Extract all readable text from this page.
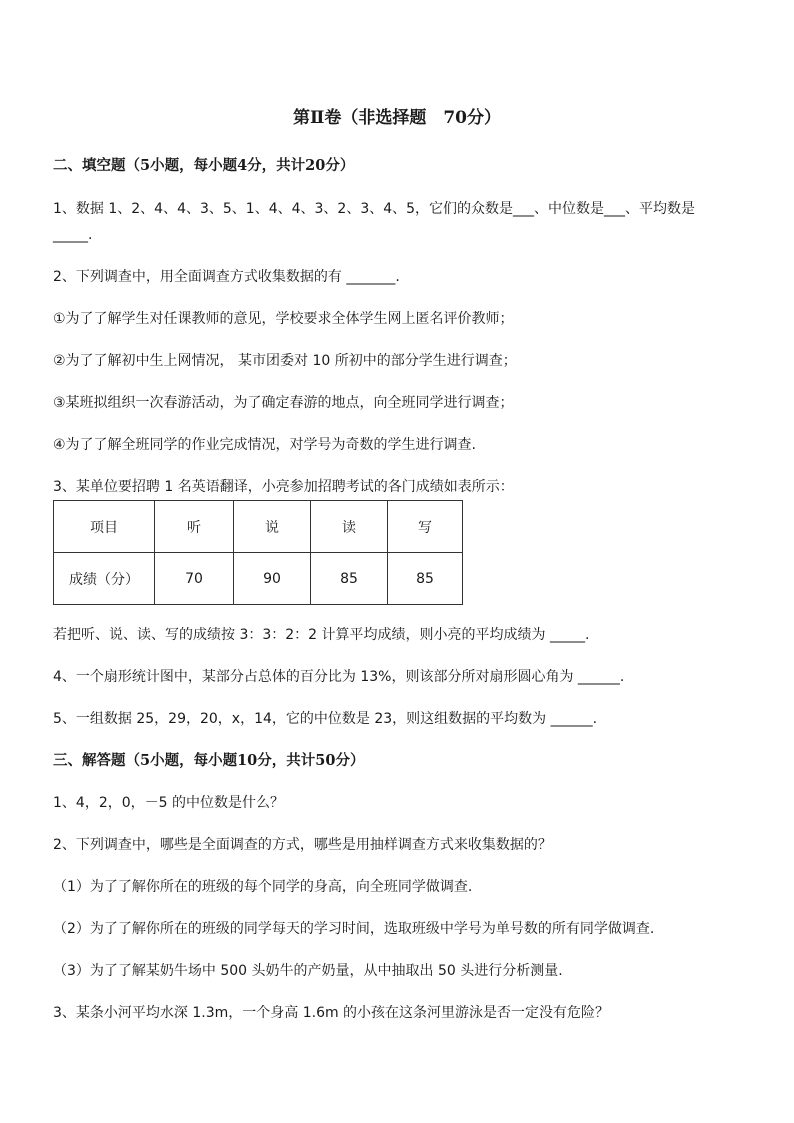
第Ⅱ卷（非选择题　70分）
二、填空题（5小题，每小题4分，共计20分）
1、数据 1、2、4、4、3、5、1、4、4、3、2、3、4、5，它们的众数是___、中位数是___、平均数是
_____.
2、下列调查中，用全面调查方式收集数据的有 _______.
①为了了解学生对任课教师的意见，学校要求全体学生网上匿名评价教师；
②为了了解初中生上网情况， 某市团委对 10 所初中的部分学生进行调查；
③某班拟组织一次春游活动，为了确定春游的地点，向全班同学进行调查；
④为了了解全班同学的作业完成情况，对学号为奇数的学生进行调查.
3、某单位要招聘 1 名英语翻译，小亮参加招聘考试的各门成绩如表所示：
项目	听	说	读	写
成绩（分）	70	90	85	85
若把听、说、读、写的成绩按 3：3：2：2 计算平均成绩，则小亮的平均成绩为 _____.
4、一个扇形统计图中，某部分占总体的百分比为 13%，则该部分所对扇形圆心角为 ______.
5、一组数据 25，29，20，x，14，它的中位数是 23，则这组数据的平均数为 ______.
三、解答题（5小题，每小题10分，共计50分）
1、4，2，0，－5 的中位数是什么？
2、下列调查中，哪些是全面调查的方式，哪些是用抽样调查方式来收集数据的？
（1）为了了解你所在的班级的每个同学的身高，向全班同学做调查.
（2）为了了解你所在的班级的同学每天的学习时间，选取班级中学号为单号数的所有同学做调查.
（3）为了了解某奶牛场中 500 头奶牛的产奶量，从中抽取出 50 头进行分析测量.
3、某条小河平均水深 1.3m，一个身高 1.6m 的小孩在这条河里游泳是否一定没有危险？
